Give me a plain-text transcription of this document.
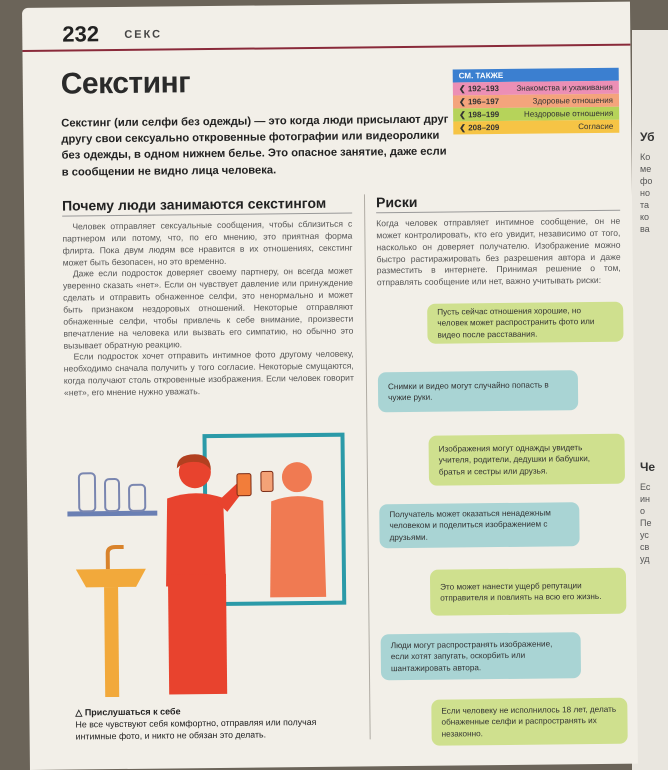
Уб
Ко
ме
фо
но
та
ко
ва
Че
Ес
ин
о
Пе
ус
св
уд
232 СЕКС
Секстинг
Секстинг (или селфи без одежды) — это когда люди присылают друг другу свои сексуально откровенные фотографии или видеоролики без одежды, в одном нижнем белье. Это опасное занятие, даже если в сообщении не видно лица человека.
СМ. ТАКЖЕ
❮ 192–193 Знакомства и ухаживания
❮ 196–197	Здоровые отношения
❮ 198–199	Нездоровые отношения
❮ 208–209	Согласие
Почему люди занимаются секстингом

Человек отправляет сексуальные сообщения, чтобы сблизиться с партнером или потому, что, по его мнению, это приятная форма флирта. Пока двум людям все нравится в их отношениях, секстинг может быть безопасен, но это временно.

Даже если подросток доверяет своему партнеру, он всегда может уверенно сказать «нет». Если он чувствует давление или принуждение сделать и отправить обнаженное селфи, это ненормально и может быть признаком нездоровых отношений. Некоторые отправляют обнаженные селфи, чтобы привлечь к себе внимание, произвести впечатление на человека или вызвать его симпатию, но обычно это вызывает обратную реакцию.

Если подросток хочет отправить интимное фото другому человеку, необходимо сначала получить у того согласие. Некоторые смущаются, когда получают столь откровенные изображения. Если человек говорит «нет», его мнение нужно уважать.

Риски
Когда человек отправляет интимное сообщение, он не может контролировать, кто его увидит, независимо от того, насколько он доверяет получателю. Изображение можно быстро растиражировать без разрешения автора и даже разместить в интернете. Принимая решение о том, отправлять сообщение или нет, важно учитывать риски:
Пусть сейчас отношения хорошие, но человек может распространить фото или видео после расставания.
Снимки и видео могут случайно попасть в чужие руки.
Изображения могут однажды увидеть учителя, родители, дедушки и бабушки, братья и сестры или друзья.
Получатель может оказаться ненадежным человеком и поделиться изображением с друзьями.
Это может нанести ущерб репутации отправителя и повлиять на всю его жизнь.
Люди могут распространять изображение, если хотят запугать, оскорбить или шантажировать автора.
Если человеку не исполнилось 18 лет, делать обнаженные селфи и распространять их незаконно.
△ Прислушаться к себе
Не все чувствуют себя комфортно, отправляя или получая интимные фото, и никто не обязан это делать.
